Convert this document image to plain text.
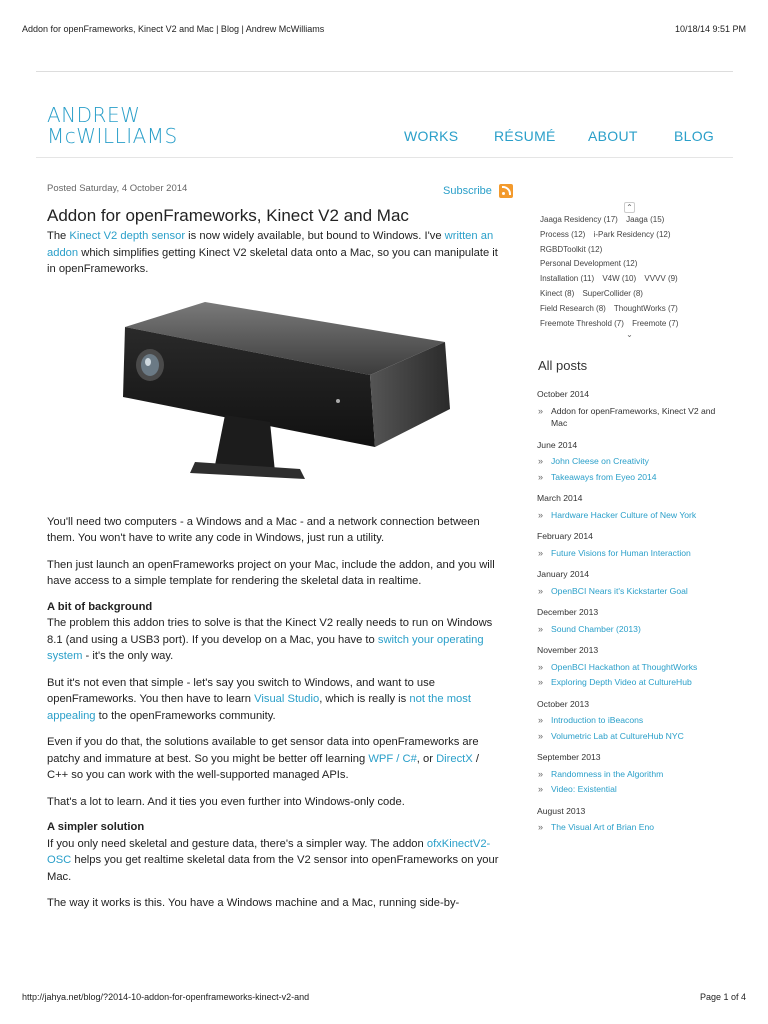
Addon for openFrameworks, Kinect V2 and Mac | Blog | Andrew McWilliams	10/18/14 9:51 PM
ANDREW
McWILLIAMS	WORKS	RÉSUMÉ ABOUT	BLOG
Posted Saturday, 4 October 2014	Subscribe
Addon for openFrameworks, Kinect V2 and Mac

The Kinect V2 depth sensor is now widely available, but bound to Windows. I've written an addon which simplifies getting Kinect V2 skeletal data onto a Mac, so you can manipulate it in openFrameworks.

You'll need two computers - a Windows and a Mac - and a network connection between them. You won't have to write any code in Windows, just run a utility.

Then just launch an openFrameworks project on your Mac, include the addon, and you will have access to a simple template for rendering the skeletal data in realtime.

A bit of background

The problem this addon tries to solve is that the Kinect V2 really needs to run on Windows 8.1 (and using a USB3 port). If you develop on a Mac, you have to switch your operating system - it's the only way.

But it's not even that simple - let's say you switch to Windows, and want to use openFrameworks. You then have to learn Visual Studio, which is really is not the most appealing to the openFrameworks community.

Even if you do that, the solutions available to get sensor data into openFrameworks are patchy and immature at best. So you might be better off learning WPF / C#, or DirectX / C++ so you can work with the well-supported managed APIs.

That's a lot to learn. And it ties you even further into Windows-only code.

A simpler solution

If you only need skeletal and gesture data, there's a simpler way. The addon ofxKinectV2-OSC helps you get realtime skeletal data from the V2 sensor into openFrameworks on your Mac.

The way it works is this. You have a Windows machine and a Mac, running side-by-

⌃
Jaaga Residency (17) Jaaga (15)
Process (12) i-Park Residency (12)
RGBDToolkit (12)
Personal Development (12)
Installation (11) V4W (10) VVVV (9)
Kinect (8) SuperCollider (8)
Field Research (8) ThoughtWorks (7)
Freemote Threshold (7) Freemote (7)
⌄
All posts
October 2014
» Addon for openFrameworks, Kinect V2 and Mac
June 2014
» John Cleese on Creativity
» Takeaways from Eyeo 2014
March 2014
» Hardware Hacker Culture of New York
February 2014
» Future Visions for Human Interaction
January 2014
» OpenBCI Nears it's Kickstarter Goal
December 2013
» Sound Chamber (2013)
November 2013
» OpenBCI Hackathon at ThoughtWorks
» Exploring Depth Video at CultureHub
October 2013
» Introduction to iBeacons
» Volumetric Lab at CultureHub NYC
September 2013
» Randomness in the Algorithm
» Video: Existential
August 2013
» The Visual Art of Brian Eno
http://jahya.net/blog/?2014-10-addon-for-openframeworks-kinect-v2-and	Page 1 of 4
